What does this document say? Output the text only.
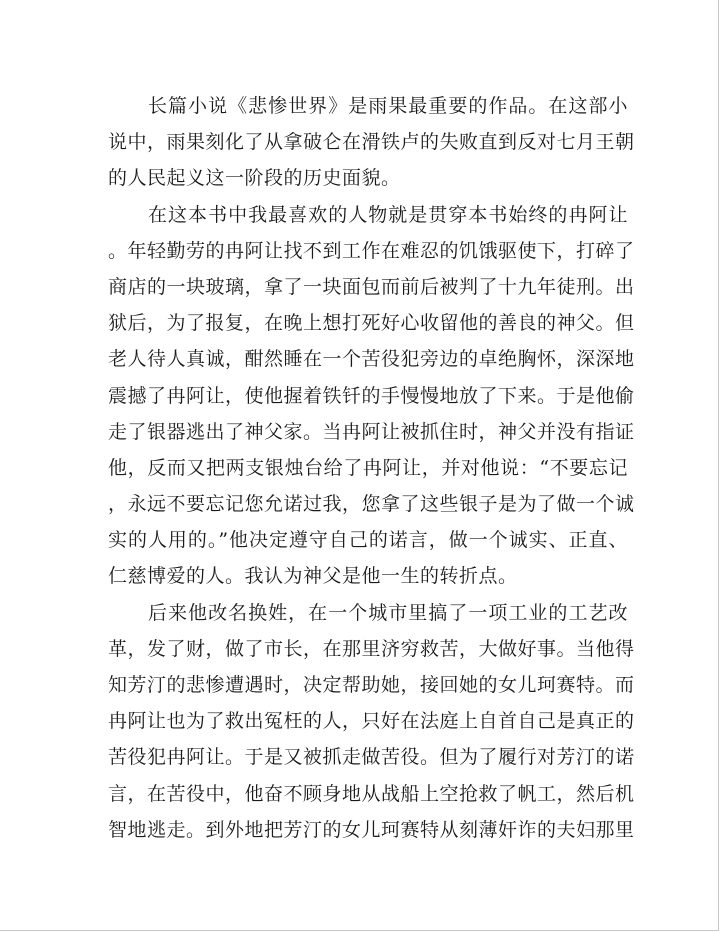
长篇小说《悲惨世界》是雨果最重要的作品。在这部小
说中，雨果刻化了从拿破仑在滑铁卢的失败直到反对七月王朝
的人民起义这一阶段的历史面貌。
在这本书中我最喜欢的人物就是贯穿本书始终的冉阿让
。年轻勤劳的冉阿让找不到工作在难忍的饥饿驱使下，打碎了
商店的一块玻璃，拿了一块面包而前后被判了十九年徒刑。出
狱后，为了报复，在晚上想打死好心收留他的善良的神父。但
老人待人真诚，酣然睡在一个苦役犯旁边的卓绝胸怀，深深地
震撼了冉阿让，使他握着铁钎的手慢慢地放了下来。于是他偷
走了银器逃出了神父家。当冉阿让被抓住时，神父并没有指证
他，反而又把两支银烛台给了冉阿让，并对他说：“不要忘记
，永远不要忘记您允诺过我，您拿了这些银子是为了做一个诚
实的人用的。”他决定遵守自己的诺言，做一个诚实、正直、
仁慈博爱的人。我认为神父是他一生的转折点。
后来他改名换姓，在一个城市里搞了一项工业的工艺改
革，发了财，做了市长，在那里济穷救苦，大做好事。当他得
知芳汀的悲惨遭遇时，决定帮助她，接回她的女儿珂赛特。而
冉阿让也为了救出冤枉的人，只好在法庭上自首自己是真正的
苦役犯冉阿让。于是又被抓走做苦役。但为了履行对芳汀的诺
言，在苦役中，他奋不顾身地从战船上空抢救了帆工，然后机
智地逃走。到外地把芳汀的女儿珂赛特从刻薄奸诈的夫妇那里
